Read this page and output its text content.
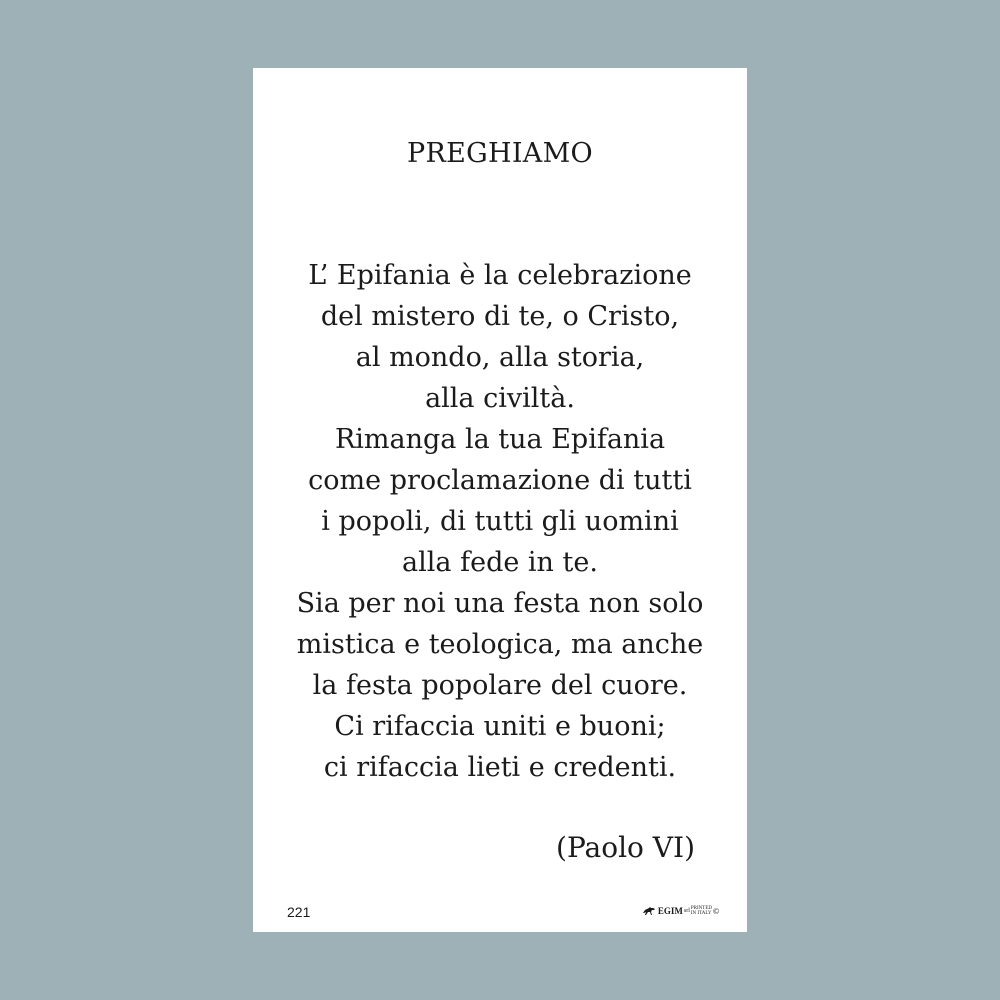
PREGHIAMO
L’ Epifania è la celebrazione
del mistero di te, o Cristo,
al mondo, alla storia,
alla civiltà.
Rimanga la tua Epifania
come proclamazione di tutti
i popoli, di tutti gli uomini
alla fede in te.
Sia per noi una festa non solo
mistica e teologica, ma anche
la festa popolare del cuore.
Ci rifaccia uniti e buoni;
ci rifaccia lieti e credenti.
(Paolo VI)
221	EGIM srl PRINTED
IN ITALY ©
